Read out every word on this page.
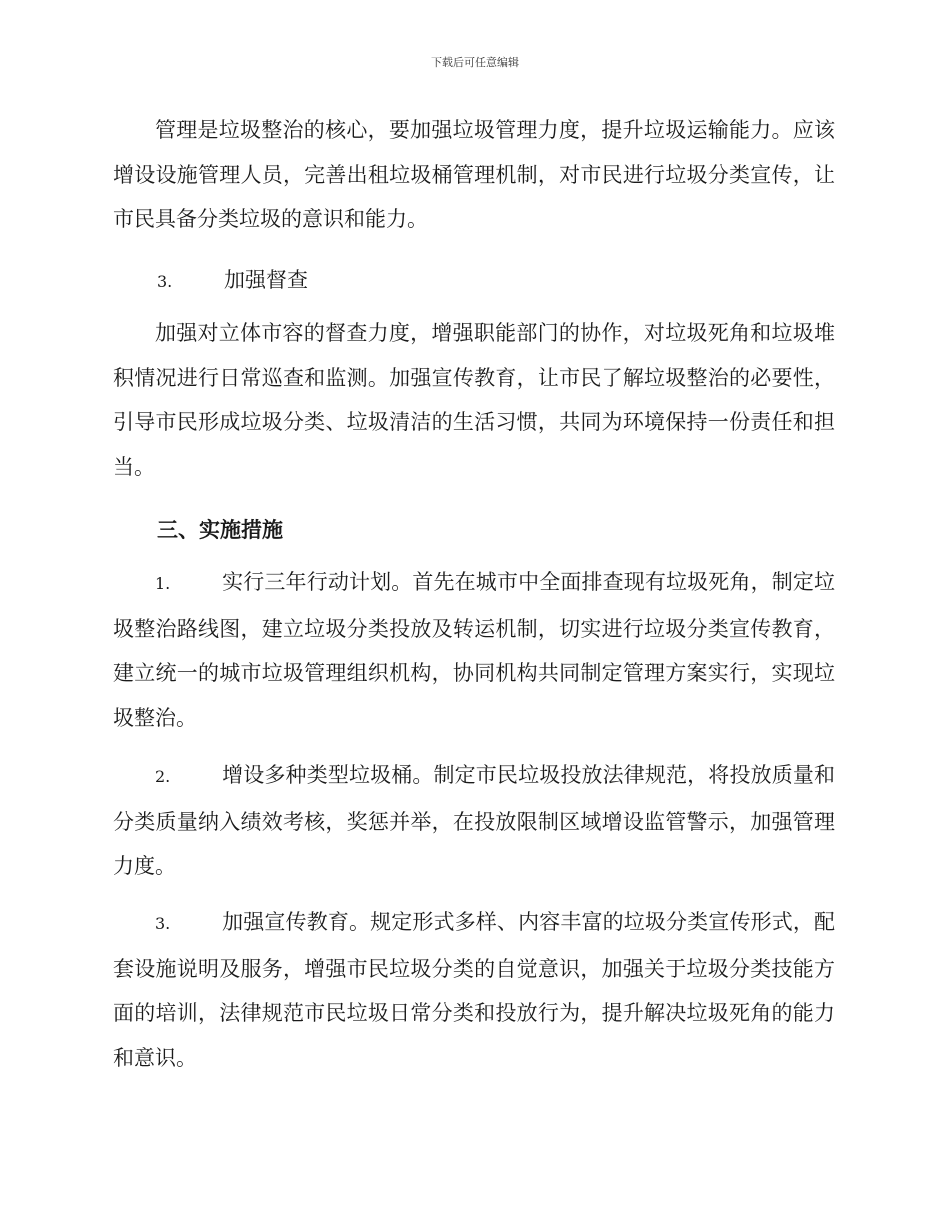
下载后可任意编辑

管理是垃圾整治的核心，要加强垃圾管理力度，提升垃圾运输能力。应该增设设施管理人员，完善出租垃圾桶管理机制，对市民进行垃圾分类宣传，让市民具备分类垃圾的意识和能力。

3. 加强督查

加强对立体市容的督查力度，增强职能部门的协作，对垃圾死角和垃圾堆积情况进行日常巡查和监测。加强宣传教育，让市民了解垃圾整治的必要性，引导市民形成垃圾分类、垃圾清洁的生活习惯，共同为环境保持一份责任和担当。

三、实施措施

1. 实行三年行动计划。首先在城市中全面排查现有垃圾死角，制定垃圾整治路线图，建立垃圾分类投放及转运机制，切实进行垃圾分类宣传教育，建立统一的城市垃圾管理组织机构，协同机构共同制定管理方案实行，实现垃圾整治。

2. 增设多种类型垃圾桶。制定市民垃圾投放法律规范，将投放质量和分类质量纳入绩效考核，奖惩并举，在投放限制区域增设监管警示，加强管理力度。

3. 加强宣传教育。规定形式多样、内容丰富的垃圾分类宣传形式，配套设施说明及服务，增强市民垃圾分类的自觉意识，加强关于垃圾分类技能方面的培训，法律规范市民垃圾日常分类和投放行为，提升解决垃圾死角的能力和意识。
